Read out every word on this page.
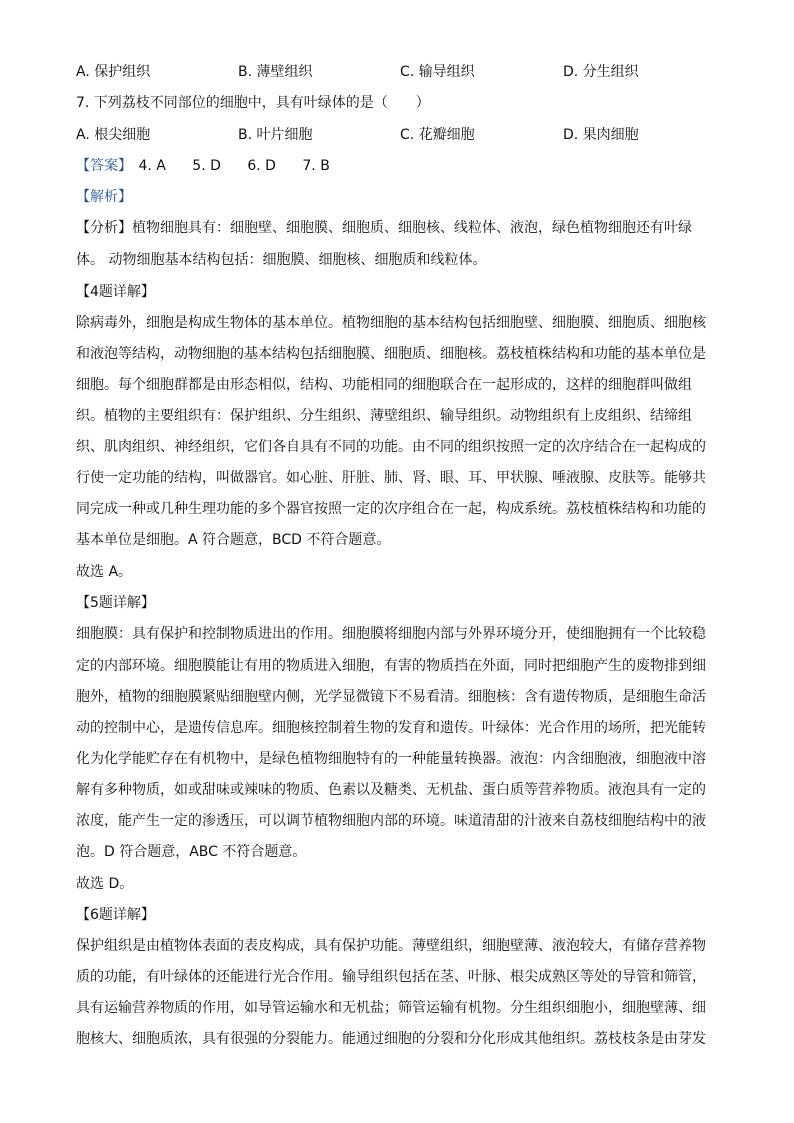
A. 保护组织	B. 薄壁组织	C. 输导组织	D. 分生组织
7. 下列荔枝不同部位的细胞中，具有叶绿体的是（　　）
A. 根尖细胞	B. 叶片细胞	C. 花瓣细胞	D. 果肉细胞
【答案】 4. A 5. D 6. D 7. B
【解析】
【分析】植物细胞具有：细胞壁、细胞膜、细胞质、细胞核、线粒体、液泡，绿色植物细胞还有叶绿
体。 动物细胞基本结构包括：细胞膜、细胞核、细胞质和线粒体。
【4题详解】
除病毒外，细胞是构成生物体的基本单位。植物细胞的基本结构包括细胞壁、细胞膜、细胞质、细胞核
和液泡等结构，动物细胞的基本结构包括细胞膜、细胞质、细胞核。荔枝植株结构和功能的基本单位是
细胞。每个细胞群都是由形态相似，结构、功能相同的细胞联合在一起形成的，这样的细胞群叫做组
织。植物的主要组织有：保护组织、分生组织、薄壁组织、输导组织。动物组织有上皮组织、结缔组
织、肌肉组织、神经组织，它们各自具有不同的功能。由不同的组织按照一定的次序结合在一起构成的
行使一定功能的结构，叫做器官。如心脏、肝脏、肺、肾、眼、耳、甲状腺、唾液腺、皮肤等。能够共
同完成一种或几种生理功能的多个器官按照一定的次序组合在一起，构成系统。荔枝植株结构和功能的
基本单位是细胞。A 符合题意，BCD 不符合题意。
故选 A。
【5题详解】
细胞膜：具有保护和控制物质进出的作用。细胞膜将细胞内部与外界环境分开，使细胞拥有一个比较稳
定的内部环境。细胞膜能让有用的物质进入细胞，有害的物质挡在外面，同时把细胞产生的废物排到细
胞外，植物的细胞膜紧贴细胞壁内侧，光学显微镜下不易看清。细胞核：含有遗传物质，是细胞生命活
动的控制中心，是遗传信息库。细胞核控制着生物的发育和遗传。叶绿体：光合作用的场所，把光能转
化为化学能贮存在有机物中，是绿色植物细胞特有的一种能量转换器。液泡：内含细胞液，细胞液中溶
解有多种物质，如或甜味或辣味的物质、色素以及糖类、无机盐、蛋白质等营养物质。液泡具有一定的
浓度，能产生一定的渗透压，可以调节植物细胞内部的环境。味道清甜的汁液来自荔枝细胞结构中的液
泡。D 符合题意，ABC 不符合题意。
故选 D。
【6题详解】
保护组织是由植物体表面的表皮构成，具有保护功能。薄壁组织，细胞壁薄、液泡较大，有储存营养物
质的功能，有叶绿体的还能进行光合作用。输导组织包括在茎、叶脉、根尖成熟区等处的导管和筛管，
具有运输营养物质的作用，如导管运输水和无机盐；筛管运输有机物。分生组织细胞小，细胞壁薄、细
胞核大、细胞质浓，具有很强的分裂能力。能通过细胞的分裂和分化形成其他组织。荔枝枝条是由芽发
